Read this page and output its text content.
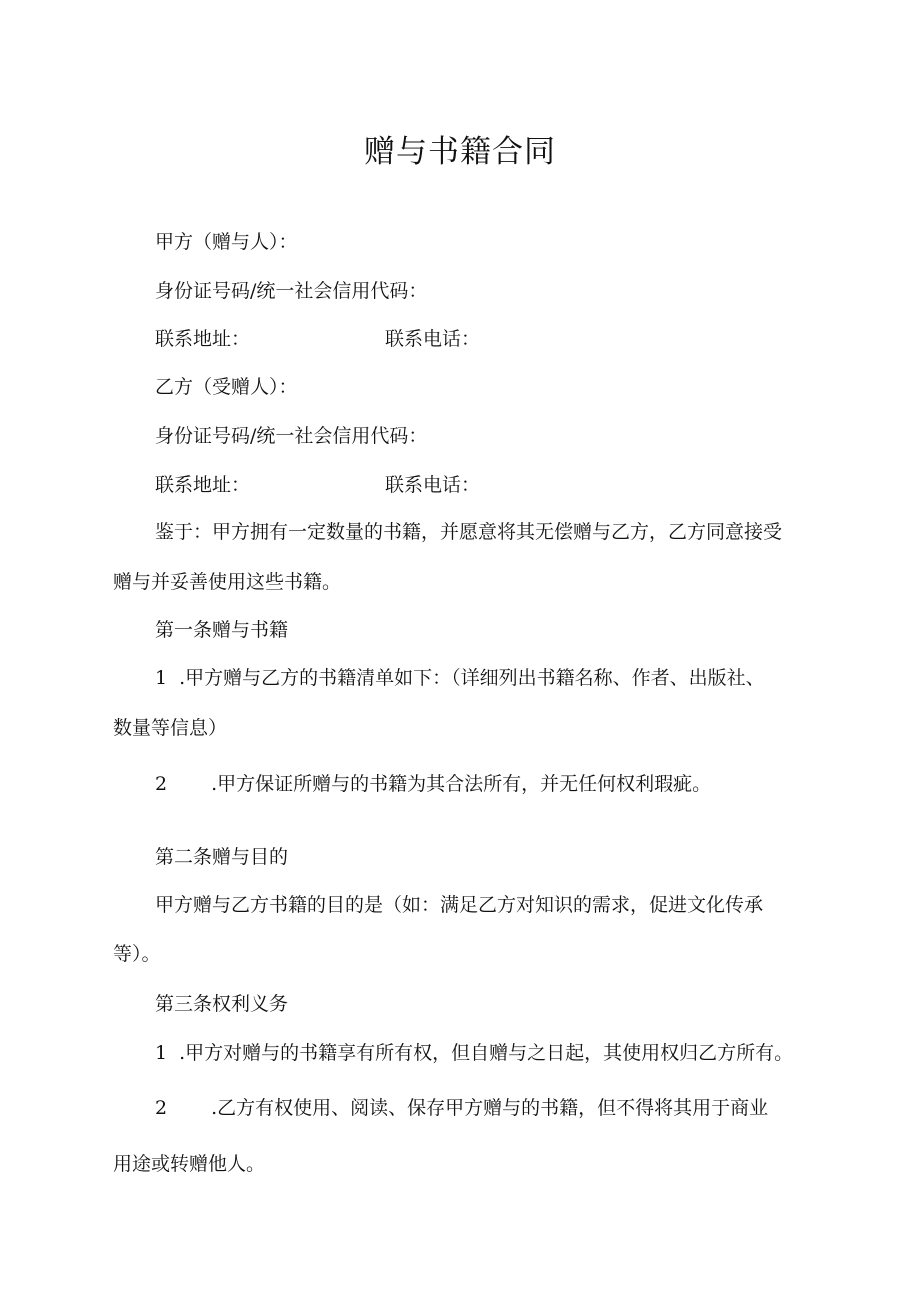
赠与书籍合同
甲方（赠与人）：
身份证号码/统一社会信用代码：
联系地址：	联系电话：
乙方（受赠人）：
身份证号码/统一社会信用代码：
联系地址：	联系电话：
鉴于：甲方拥有一定数量的书籍，并愿意将其无偿赠与乙方，乙方同意接受
赠与并妥善使用这些书籍。
第一条赠与书籍
1 .甲方赠与乙方的书籍清单如下：（详细列出书籍名称、作者、出版社、
数量等信息）
2 .甲方保证所赠与的书籍为其合法所有，并无任何权利瑕疵。
第二条赠与目的
甲方赠与乙方书籍的目的是（如：满足乙方对知识的需求，促进文化传承
等）。
第三条权利义务
1 .甲方对赠与的书籍享有所有权，但自赠与之日起，其使用权归乙方所有。
2 .乙方有权使用、阅读、保存甲方赠与的书籍，但不得将其用于商业
用途或转赠他人。
